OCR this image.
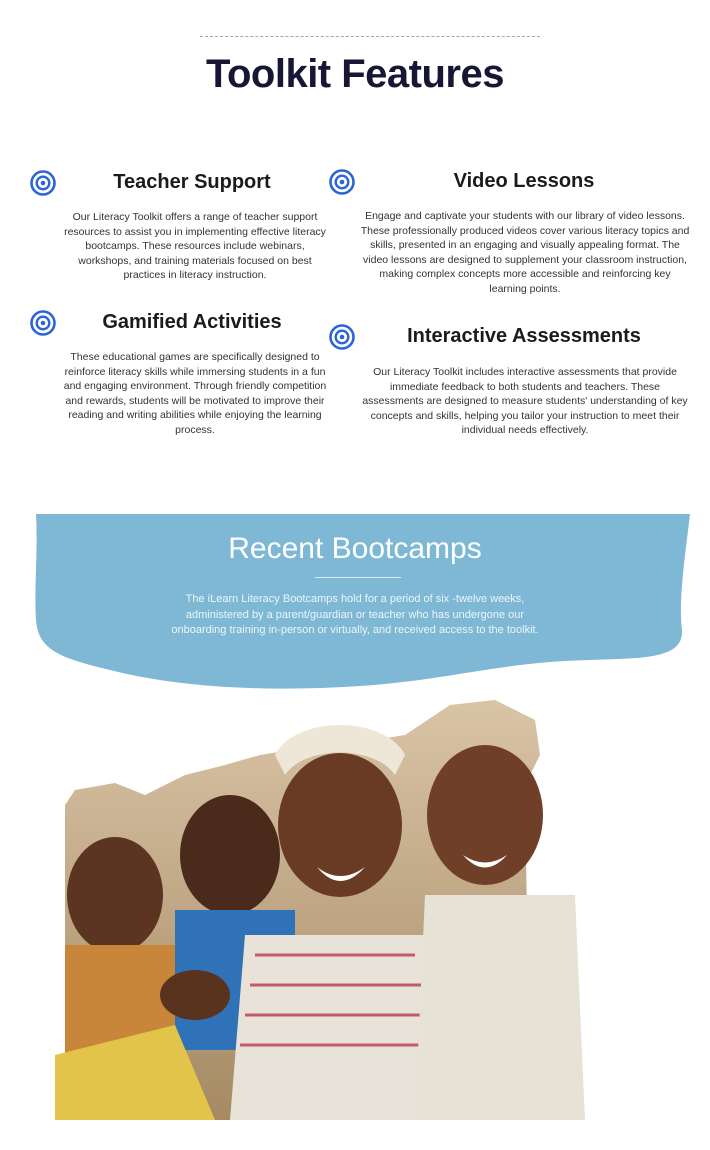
Toolkit Features
Teacher Support

Our Literacy Toolkit offers a range of teacher support resources to assist you in implementing effective literacy bootcamps. These resources include webinars, workshops, and training materials focused on best practices in literacy instruction.

Video Lessons

Engage and captivate your students with our library of video lessons. These professionally produced videos cover various literacy topics and skills, presented in an engaging and visually appealing format. The video lessons are designed to supplement your classroom instruction, making complex concepts more accessible and reinforcing key learning points.

Gamified Activities

These educational games are specifically designed to reinforce literacy skills while immersing students in a fun and engaging environment. Through friendly competition and rewards, students will be motivated to improve their reading and writing abilities while enjoying the learning process.

Interactive Assessments

Our Literacy Toolkit includes interactive assessments that provide immediate feedback to both students and teachers. These assessments are designed to measure students' understanding of key concepts and skills, helping you tailor your instruction to meet their individual needs effectively.

Recent Bootcamps

The iLearn Literacy Bootcamps hold for a period of six -twelve weeks, administered by a parent/guardian or teacher who has undergone our onboarding training in-person or virtually, and received access to the toolkit.
